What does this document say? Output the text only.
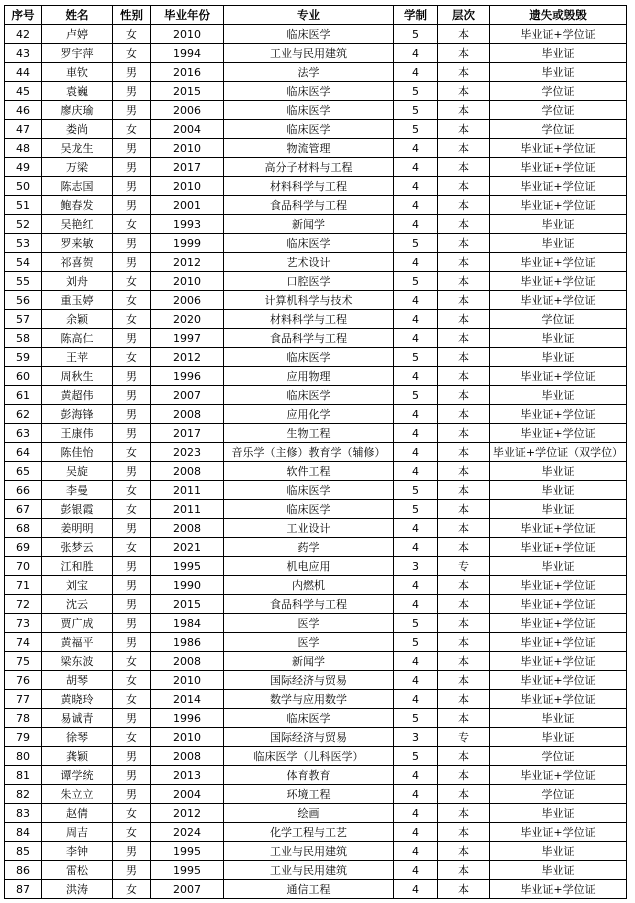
序号	姓名	性别	毕业年份	专业	学制	层次	遗失或毁毁
42	卢婷	女	2010	临床医学	5	本	毕业证+学位证
43	罗宇萍	女	1994	工业与民用建筑	4	本	毕业证
44	車钦	男	2016	法学	4	本	毕业证
45	袁巍	男	2015	临床医学	5	本	学位证
46	廖庆瑜	男	2006	临床医学	5	本	学位证
47	娄尚	女	2004	临床医学	5	本	学位证
48	吴龙生	男	2010	物流管理	4	本	毕业证+学位证
49	万梁	男	2017	高分子材料与工程	4	本	毕业证+学位证
50	陈志国	男	2010	材料科学与工程	4	本	毕业证+学位证
51	鲍春发	男	2001	食品科学与工程	4	本	毕业证+学位证
52	吴艳红	女	1993	新闻学	4	本	毕业证
53	罗来敏	男	1999	临床医学	5	本	毕业证
54	祁喜贺	男	2012	艺术设计	4	本	毕业证+学位证
55	刘舟	女	2010	口腔医学	5	本	毕业证+学位证
56	重玉婷	女	2006	计算机科学与技术	4	本	毕业证+学位证
57	余颖	女	2020	材料科学与工程	4	本	学位证
58	陈高仁	男	1997	食品科学与工程	4	本	毕业证
59	王苹	女	2012	临床医学	5	本	毕业证
60	周秋生	男	1996	应用物理	4	本	毕业证+学位证
61	黄超伟	男	2007	临床医学	5	本	毕业证
62	彭海锋	男	2008	应用化学	4	本	毕业证+学位证
63	王康伟	男	2017	生物工程	4	本	毕业证+学位证
64	陈佳怡	女	2023	音乐学（主修）教育学（辅修）	4	本	毕业证+学位证（双学位）
65	吴旋	男	2008	软件工程	4	本	毕业证
66	李曼	女	2011	临床医学	5	本	毕业证
67	彭银霞	女	2011	临床医学	5	本	毕业证
68	姜明明	男	2008	工业设计	4	本	毕业证+学位证
69	张梦云	女	2021	药学	4	本	毕业证+学位证
70	江和胜	男	1995	机电应用	3	专	毕业证
71	刘宝	男	1990	内燃机	4	本	毕业证+学位证
72	沈云	男	2015	食品科学与工程	4	本	毕业证+学位证
73	贾广成	男	1984	医学	5	本	毕业证+学位证
74	黄福平	男	1986	医学	5	本	毕业证+学位证
75	梁东波	女	2008	新闻学	4	本	毕业证+学位证
76	胡琴	女	2010	国际经济与贸易	4	本	毕业证+学位证
77	黄晓玲	女	2014	数学与应用数学	4	本	毕业证+学位证
78	易诚青	男	1996	临床医学	5	本	毕业证
79	徐琴	女	2010	国际经济与贸易	3	专	毕业证
80	龚颖	男	2008	临床医学（儿科医学）	5	本	学位证
81	谭学统	男	2013	体育教育	4	本	毕业证+学位证
82	朱立立	男	2004	环境工程	4	本	学位证
83	赵倩	女	2012	绘画	4	本	毕业证
84	周吉	女	2024	化学工程与工艺	4	本	毕业证+学位证
85	李钟	男	1995	工业与民用建筑	4	本	毕业证
86	雷松	男	1995	工业与民用建筑	4	本	毕业证
87	洪涛	女	2007	通信工程	4	本	毕业证+学位证
